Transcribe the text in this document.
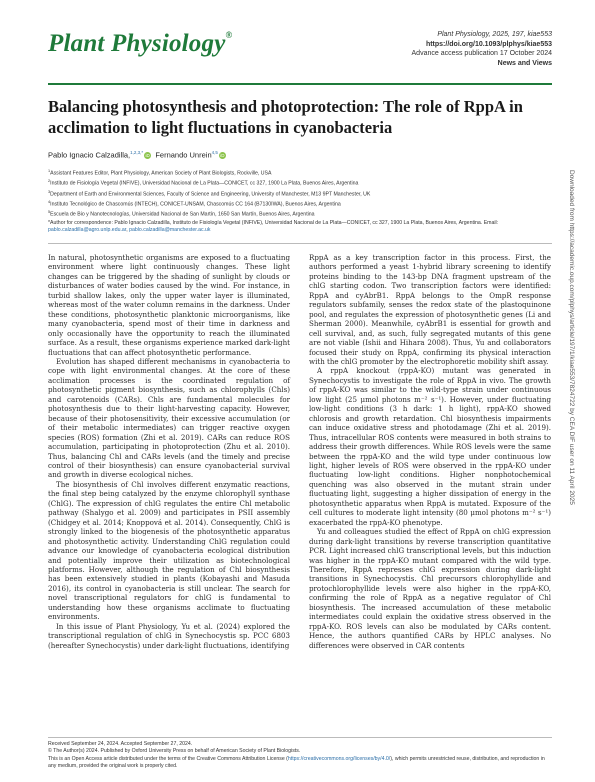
Plant Physiology®	Plant Physiology, 2025, 197, kiae553
https://doi.org/10.1093/plphys/kiae553
Advance access publication 17 October 2024
News and Views
Balancing photosynthesis and photoprotection: The role of RppA in acclimation to light fluctuations in cyanobacteria
Pablo Ignacio Calzadilla,$^{1,2,3,*}$iD Fernando Unrein$^{4,5}$iD
$^1$Assistant Features Editor, Plant Physiology, American Society of Plant Biologists, Rockville, USA
$^2$Instituto de Fisiología Vegetal (INFIVE), Universidad Nacional de La Plata—CONICET, cc 327, 1900 La Plata, Buenos Aires, Argentina
$^3$Department of Earth and Environmental Sciences, Faculty of Science and Engineering, University of Manchester, M13 9PT Manchester, UK
$^4$Instituto Tecnológico de Chascomús (INTECH), CONICET-UNSAM, Chascomús CC 164 (B7130IWA), Buenos Aires, Argentina
$^5$Escuela de Bio y Nanotecnologías, Universidad Nacional de San Martín, 1650 San Martín, Buenos Aires, Argentina
*Author for correspondence: Pablo Ignacio Calzadilla, Instituto de Fisiología Vegetal (INFIVE), Universidad Nacional de La Plata—CONICET, cc 327, 1900 La Plata, Buenos Aires, Argentina. Email: pablo.calzadilla@agro.unlp.edu.ar, pablo.calzadilla@manchester.ac.uk

In natural, photosynthetic organisms are exposed to a fluctuating environment where light continuously changes. These light changes can be triggered by the shading of sunlight by clouds or disturbances of water bodies caused by the wind. For instance, in turbid shallow lakes, only the upper water layer is illuminated, whereas most of the water column remains in the darkness. Under these conditions, photosynthetic planktonic microorganisms, like many cyanobacteria, spend most of their time in darkness and only occasionally have the opportunity to reach the illuminated surface. As a result, these organisms experience marked dark-light fluctuations that can affect photosynthetic performance.

Evolution has shaped different mechanisms in cyanobacteria to cope with light environmental changes. At the core of these acclimation processes is the coordinated regulation of photosynthetic pigment biosynthesis, such as chlorophylls (Chls) and carotenoids (CARs). Chls are fundamental molecules for photosynthesis due to their light-harvesting capacity. However, because of their photosensitivity, their excessive accumulation (or of their metabolic intermediates) can trigger reactive oxygen species (ROS) formation (Zhi et al. 2019). CARs can reduce ROS accumulation, participating in photoprotection (Zhu et al. 2010). Thus, balancing Chl and CARs levels (and the timely and precise control of their biosynthesis) can ensure cyanobacterial survival and growth in diverse ecological niches.

The biosynthesis of Chl involves different enzymatic reactions, the final step being catalyzed by the enzyme chlorophyll synthase (ChlG). The expression of chlG regulates the entire Chl metabolic pathway (Shalygo et al. 2009) and participates in PSII assembly (Chidgey et al. 2014; Knoppová et al. 2014). Consequently, ChlG is strongly linked to the biogenesis of the photosynthetic apparatus and photosynthetic activity. Understanding ChlG regulation could advance our knowledge of cyanobacteria ecological distribution and potentially improve their utilization as biotechnological platforms. However, although the regulation of Chl biosynthesis has been extensively studied in plants (Kobayashi and Masuda 2016), its control in cyanobacteria is still unclear. The search for novel transcriptional regulators for chlG is fundamental to understanding how these organisms acclimate to fluctuating environments.

In this issue of Plant Physiology, Yu et al. (2024) explored the transcriptional regulation of chlG in Synechocystis sp. PCC 6803 (hereafter Synechocystis) under dark-light fluctuations, identifying

RppA as a key transcription factor in this process. First, the authors performed a yeast 1-hybrid library screening to identify proteins binding to the 143-bp DNA fragment upstream of the chlG starting codon. Two transcription factors were identified: RppA and cyAbrB1. RppA belongs to the OmpR response regulators subfamily, senses the redox state of the plastoquinone pool, and regulates the expression of photosynthetic genes (Li and Sherman 2000). Meanwhile, cyAbrB1 is essential for growth and cell survival, and, as such, fully segregated mutants of this gene are not viable (Ishii and Hihara 2008). Thus, Yu and collaborators focused their study on RppA, confirming its physical interaction with the chlG promoter by the electrophoretic mobility shift assay.

A rppA knockout (rppA-KO) mutant was generated in Synechocystis to investigate the role of RppA in vivo. The growth of rppA-KO was similar to the wild-type strain under continuous low light (25 μmol photons m⁻² s⁻¹). However, under fluctuating low-light conditions (3 h dark: 1 h light), rppA-KO showed chlorosis and growth retardation. Chl biosynthesis impairments can induce oxidative stress and photodamage (Zhi et al. 2019). Thus, intracellular ROS contents were measured in both strains to address their growth differences. While ROS levels were the same between the rppA-KO and the wild type under continuous low light, higher levels of ROS were observed in the rppA-KO under fluctuating low-light conditions. Higher nonphotochemical quenching was also observed in the mutant strain under fluctuating light, suggesting a higher dissipation of energy in the photosynthetic apparatus when RppA is mutated. Exposure of the cell cultures to moderate light intensity (80 μmol photons m⁻² s⁻¹) exacerbated the rppA-KO phenotype.

Yu and colleagues studied the effect of RppA on chlG expression during dark-light transitions by reverse transcription quantitative PCR. Light increased chlG transcriptional levels, but this induction was higher in the rppA-KO mutant compared with the wild type. Therefore, RppA represses chlG expression during dark-light transitions in Synechocystis. Chl precursors chlorophyllide and protochlorophyllide levels were also higher in the rppA-KO, confirming the role of RppA as a negative regulator of Chl biosynthesis. The increased accumulation of these metabolic intermediates could explain the oxidative stress observed in the rppA-KO. ROS levels can also be modulated by CARs content. Hence, the authors quantified CARs by HPLC analyses. No differences were observed in CAR contents

Downloaded from https://academic.oup.com/plphys/article/197/1/kiae553/7824722 by CEA DIF user on 11 April 2025
Received September 24, 2024. Accepted September 27, 2024.
© The Author(s) 2024. Published by Oxford University Press on behalf of American Society of Plant Biologists.
This is an Open Access article distributed under the terms of the Creative Commons Attribution License (https://creativecommons.org/licenses/by/4.0/), which permits unrestricted reuse, distribution, and reproduction in any medium, provided the original work is properly cited.
